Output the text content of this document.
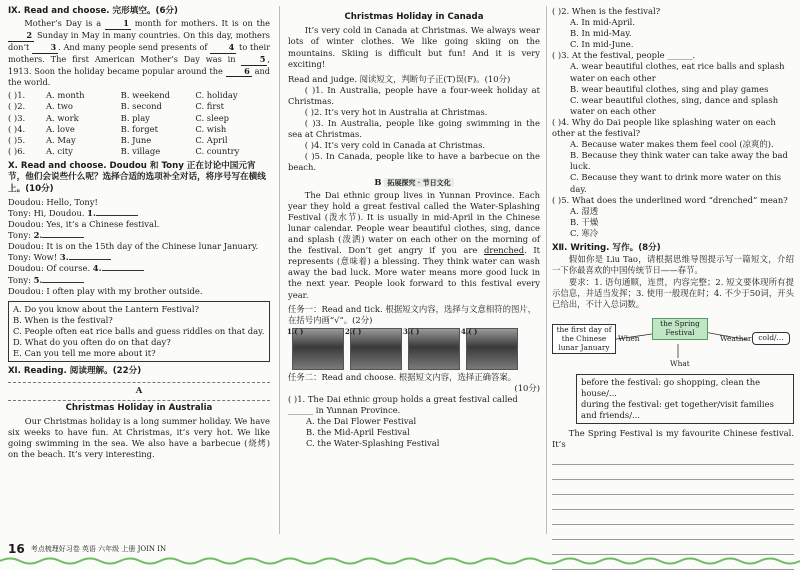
Ⅸ. Read and choose. 完形填空。(6分)

Mother’s Day is a 1 month for mothers. It is on the 2 Sunday in May in many countries. On this day, mothers don’t 3 . And many people send presents of 4 to their mothers. The first American Mother’s Day was in 5 , 1913. Soon the holiday became popular around the 6 and the world.

( )1.	A. month	B. weekend	C. holiday
( )2.	A. two	B. second	C. first
( )3.	A. work	B. play	C. sleep
( )4.	A. love	B. forget	C. wish
( )5.	A. May	B. June	C. April
( )6.	A. city	B. village	C. country

Ⅹ. Read and choose. Doudou 和 Tony 正在讨论中国元宵节，他们会说些什么呢？选择合适的选项补全对话，将序号写在横线上。(10分)

Doudou: Hello, Tony!

Tony: Hi, Doudou. 1.

Doudou: Yes, it’s a Chinese festival.

Tony: 2.

Doudou: It is on the 15th day of the Chinese lunar January.

Tony: Wow! 3.

Doudou: Of course. 4.

Tony: 5.

Doudou: I often play with my brother outside.

A. Do you know about the Lantern Festival?

B. When is the festival?

C. People often eat rice balls and guess riddles on that day.

D. What do you often do on that day?

E. Can you tell me more about it?

Ⅺ. Reading. 阅读理解。(22分)

A

Christmas Holiday in Australia

Our Christmas holiday is a long summer holiday. We have six weeks to have fun. At Christmas, it’s very hot. We like going swimming in the sea. We also have a barbecue (烧烤) on the beach. It’s very interesting.

Christmas Holiday in Canada

It’s very cold in Canada at Christmas. We always wear lots of winter clothes. We like going skiing on the mountains. Skiing is difficult but fun! And it is very exciting!

Read and judge. 阅读短文，判断句子正(T)误(F)。(10分)

( )1. In Australia, people have a four-week holiday at Christmas.

( )2. It’s very hot in Australia at Christmas.

( )3. In Australia, people like going swimming in the sea at Christmas.

( )4. It’s very cold in Canada at Christmas.

( )5. In Canada, people like to have a barbecue on the beach.

B 拓展探究 · 节日文化

The Dai ethnic group lives in Yunnan Province. Each year they hold a great festival called the Water-Splashing Festival (泼水节). It is usually in mid-April in the Chinese lunar calendar. People wear beautiful clothes, sing, dance and splash (泼洒) water on each other on the morning of the festival. Don’t get angry if you are drenched. It represents (意味着) a blessing. They think water can wash away the bad luck. More water means more good luck in the next year. People look forward to this festival every year.

任务一：Read and tick. 根据短文内容，选择与文意相符的图片，在括号内画“√”。(2分)

1.( )	2.( )	3.( )	4.( )

任务二：Read and choose. 根据短文内容，选择正确答案。

(10分)

( )1. The Dai ethnic group holds a great festival called ______ in Yunnan Province.

A. the Dai Flower Festival

B. the Mid-April Festival

C. the Water-Splashing Festival

( )2. When is the festival?

A. In mid-April.

B. In mid-May.

C. In mid-June.

( )3. At the festival, people ______.

A. wear beautiful clothes, eat rice balls and splash water on each other

B. wear beautiful clothes, sing and play games

C. wear beautiful clothes, sing, dance and splash water on each other

( )4. Why do Dai people like splashing water on each other at the festival?

A. Because water makes them feel cool (凉爽的).

B. Because they think water can take away the bad luck.

C. Because they want to drink more water on this day.

( )5. What does the underlined word “drenched” mean?

A. 湿透

B. 干燥

C. 寒冷

Ⅻ. Writing. 写作。(8分)

假如你是 Liu Tao，请根据思维导图提示写一篇短文，介绍一下你最喜欢的中国传统节日——春节。

要求：1. 语句通顺，连贯，内容完整；2. 短文要体现所有提示信息，并适当发挥；3. 使用一般现在时；4. 不少于50词，开头已给出，不计入总词数。

the first day of the Chinese lunar January
When
the Spring Festival
Weather cold/...
What

before the festival: go shopping, clean the house/...

during the festival: get together/visit families and friends/...

The Spring Festival is my favourite Chinese festival. It’s

16 考点梳理好习卷 英语 六年级 上册 JOIN IN
